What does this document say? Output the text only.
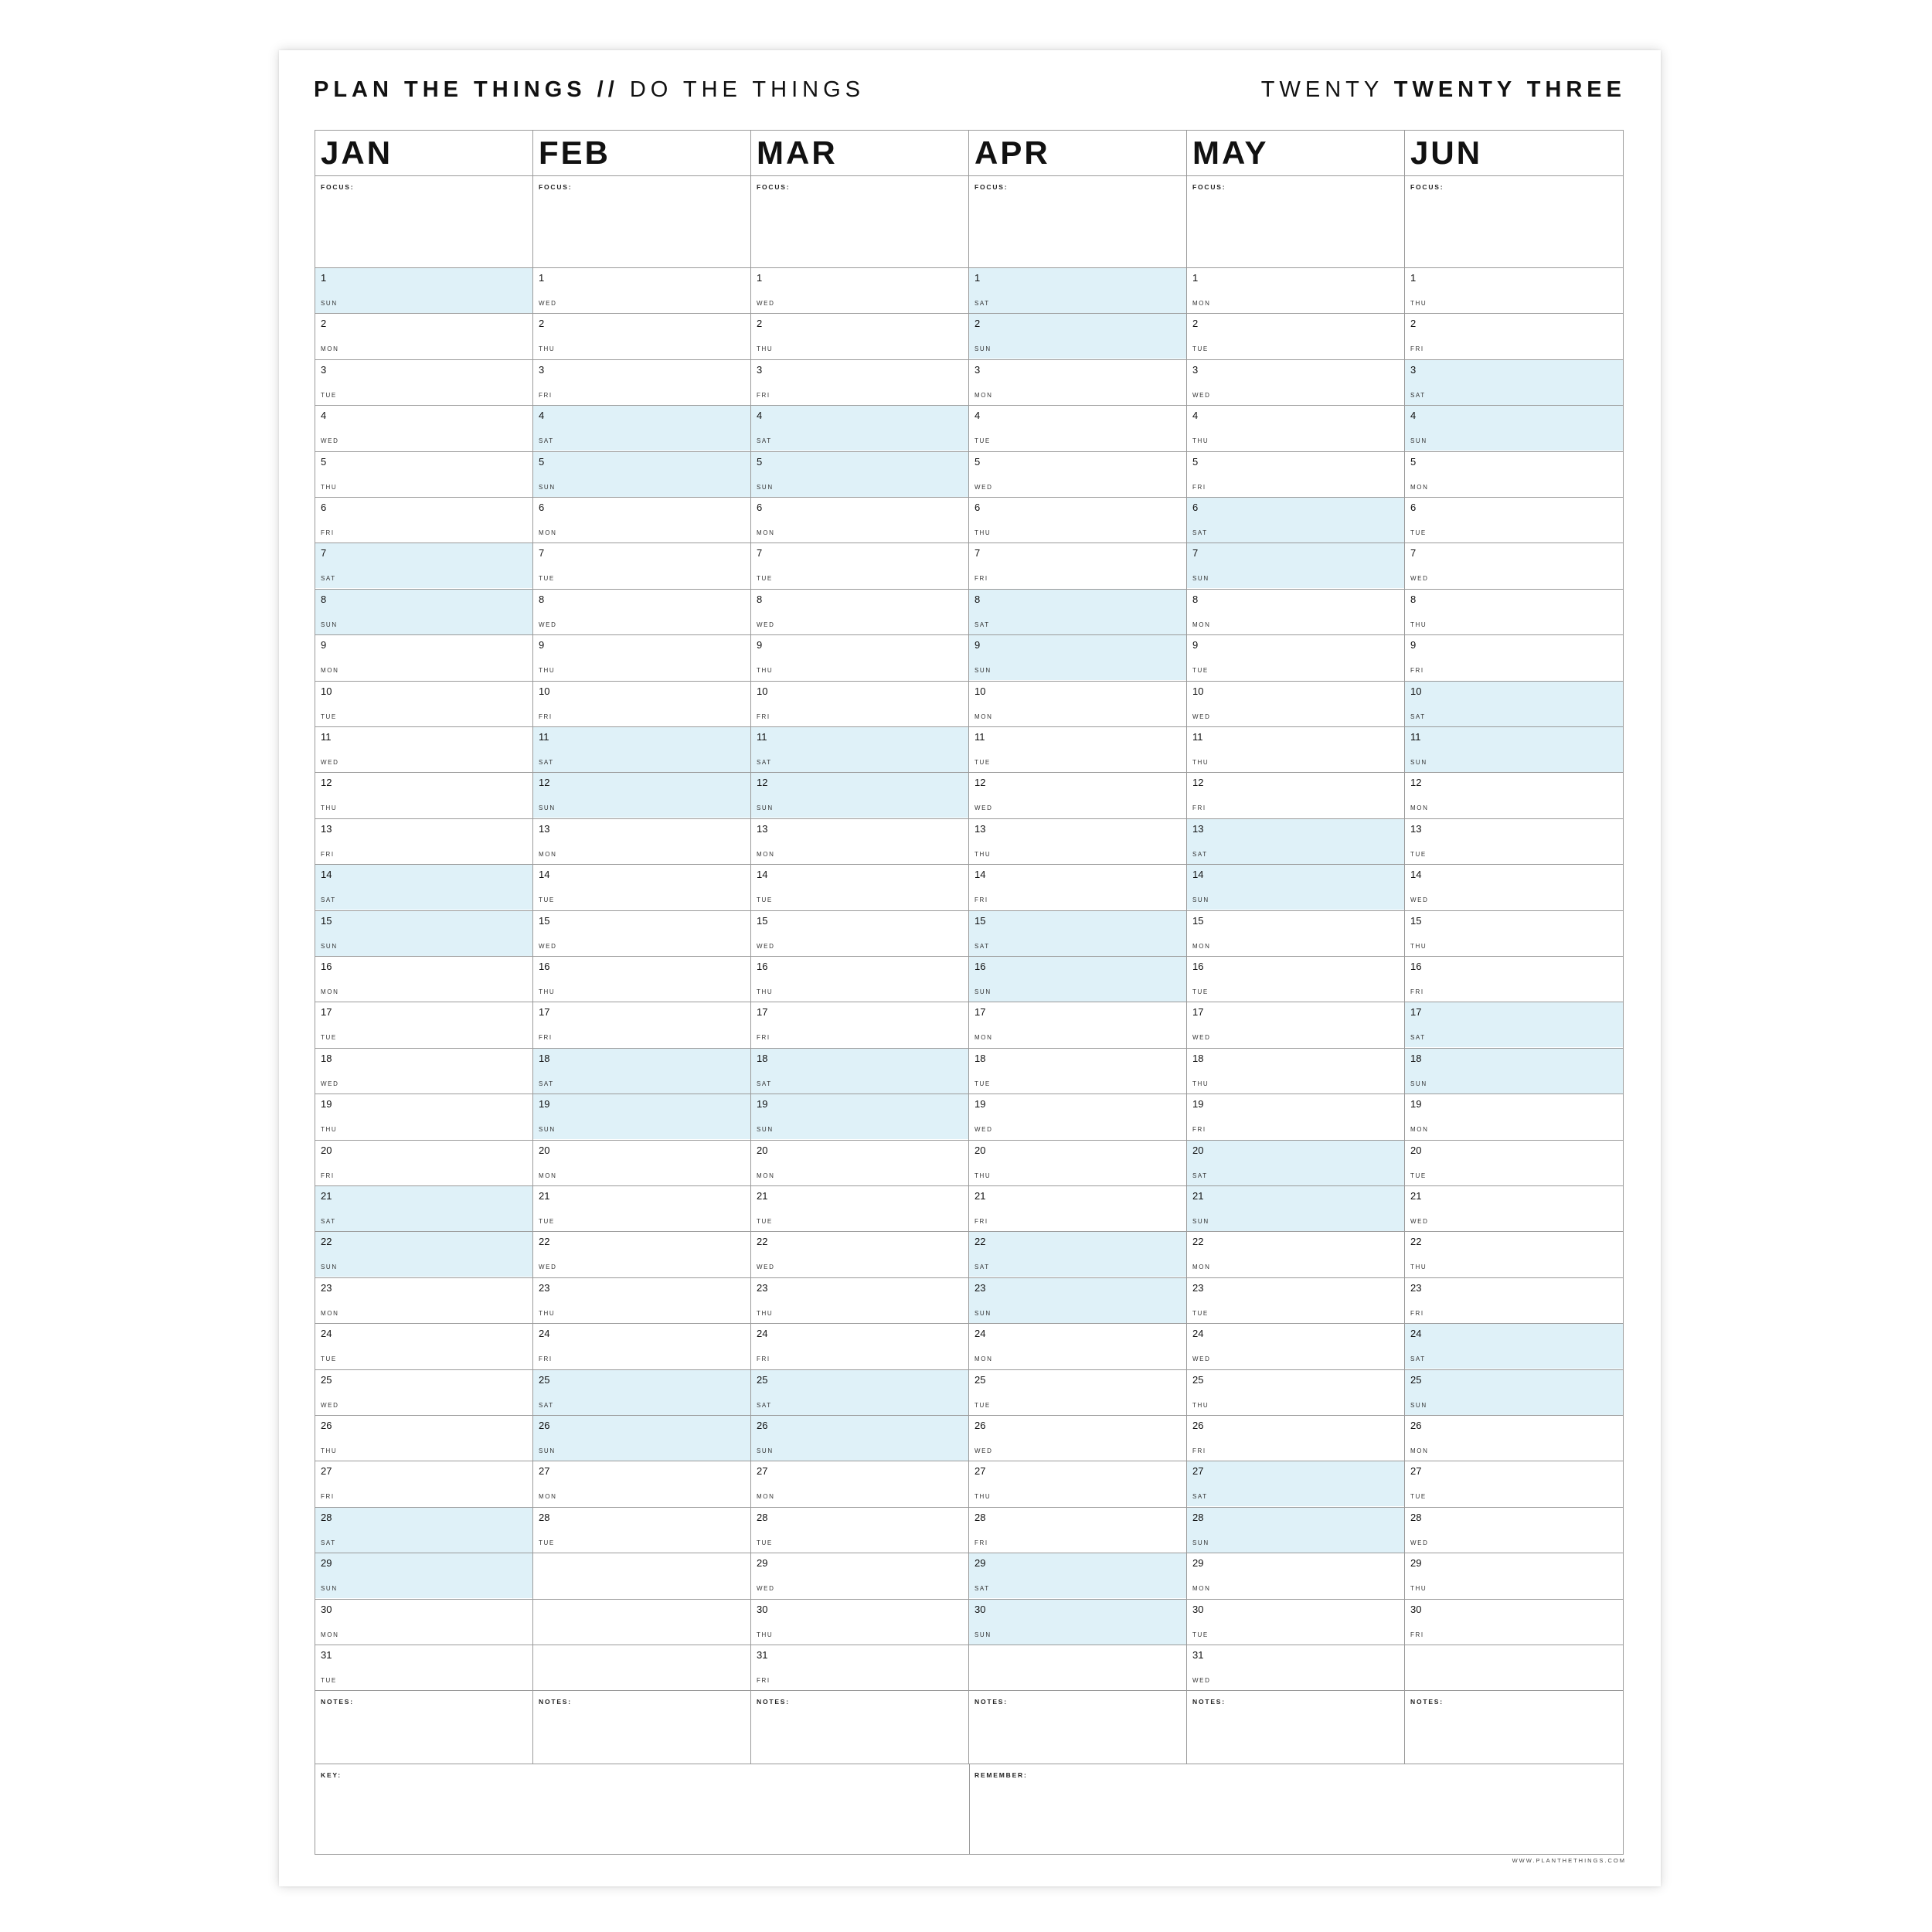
PLAN THE THINGS // DO THE THINGS	TWENTY TWENTY THREE
KEY:	REMEMBER:
JAN
FOCUS:
1
SUN
2
MON
3
TUE
4
WED
5
THU
6
FRI
7
SAT
8
SUN
9
MON
10
TUE
11
WED
12
THU
13
FRI
14
SAT
15
SUN
16
MON
17
TUE
18
WED
19
THU
20
FRI
21
SAT
22
SUN
23
MON
24
TUE
25
WED
26
THU
27
FRI
28
SAT
29
SUN
30
MON
31
TUE
NOTES:
FEB
FOCUS:
1
WED
2
THU
3
FRI
4
SAT
5
SUN
6
MON
7
TUE
8
WED
9
THU
10
FRI
11
SAT
12
SUN
13
MON
14
TUE
15
WED
16
THU
17
FRI
18
SAT
19
SUN
20
MON
21
TUE
22
WED
23
THU
24
FRI
25
SAT
26
SUN
27
MON
28
TUE
NOTES:
MAR
FOCUS:
1
WED
2
THU
3
FRI
4
SAT
5
SUN
6
MON
7
TUE
8
WED
9
THU
10
FRI
11
SAT
12
SUN
13
MON
14
TUE
15
WED
16
THU
17
FRI
18
SAT
19
SUN
20
MON
21
TUE
22
WED
23
THU
24
FRI
25
SAT
26
SUN
27
MON
28
TUE
29
WED
30
THU
31
FRI
NOTES:
APR
FOCUS:
1
SAT
2
SUN
3
MON
4
TUE
5
WED
6
THU
7
FRI
8
SAT
9
SUN
10
MON
11
TUE
12
WED
13
THU
14
FRI
15
SAT
16
SUN
17
MON
18
TUE
19
WED
20
THU
21
FRI
22
SAT
23
SUN
24
MON
25
TUE
26
WED
27
THU
28
FRI
29
SAT
30
SUN
NOTES:
MAY
FOCUS:
1
MON
2
TUE
3
WED
4
THU
5
FRI
6
SAT
7
SUN
8
MON
9
TUE
10
WED
11
THU
12
FRI
13
SAT
14
SUN
15
MON
16
TUE
17
WED
18
THU
19
FRI
20
SAT
21
SUN
22
MON
23
TUE
24
WED
25
THU
26
FRI
27
SAT
28
SUN
29
MON
30
TUE
31
WED
NOTES:
JUN
FOCUS:
1
THU
2
FRI
3
SAT
4
SUN
5
MON
6
TUE
7
WED
8
THU
9
FRI
10
SAT
11
SUN
12
MON
13
TUE
14
WED
15
THU
16
FRI
17
SAT
18
SUN
19
MON
20
TUE
21
WED
22
THU
23
FRI
24
SAT
25
SUN
26
MON
27
TUE
28
WED
29
THU
30
FRI
NOTES:
WWW.PLANTHETHINGS.COM
